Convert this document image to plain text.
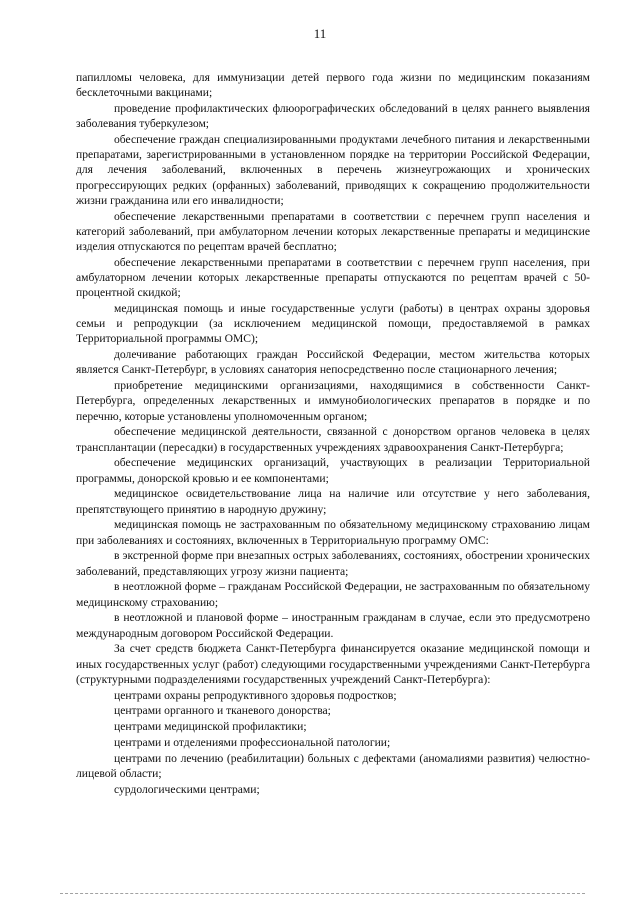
11

папилломы человека, для иммунизации детей первого года жизни по медицинским показаниям бесклеточными вакцинами;

проведение профилактических флюорографических обследований в целях раннего выявления заболевания туберкулезом;

обеспечение граждан специализированными продуктами лечебного питания и лекарственными препаратами, зарегистрированными в установленном порядке на территории Российской Федерации, для лечения заболеваний, включенных в перечень жизнеугрожающих и хронических прогрессирующих редких (орфанных) заболеваний, приводящих к сокращению продолжительности жизни гражданина или его инвалидности;

обеспечение лекарственными препаратами в соответствии с перечнем групп населения и категорий заболеваний, при амбулаторном лечении которых лекарственные препараты и медицинские изделия отпускаются по рецептам врачей бесплатно;

обеспечение лекарственными препаратами в соответствии с перечнем групп населения, при амбулаторном лечении которых лекарственные препараты отпускаются по рецептам врачей с 50-процентной скидкой;

медицинская помощь и иные государственные услуги (работы) в центрах охраны здоровья семьи и репродукции (за исключением медицинской помощи, предоставляемой в рамках Территориальной программы ОМС);

долечивание работающих граждан Российской Федерации, местом жительства которых является Санкт-Петербург, в условиях санатория непосредственно после стационарного лечения;

приобретение медицинскими организациями, находящимися в собственности Санкт-Петербурга, определенных лекарственных и иммунобиологических препаратов в порядке и по перечню, которые установлены уполномоченным органом;

обеспечение медицинской деятельности, связанной с донорством органов человека в целях трансплантации (пересадки) в государственных учреждениях здравоохранения Санкт-Петербурга;

обеспечение медицинских организаций, участвующих в реализации Территориальной программы, донорской кровью и ее компонентами;

медицинское освидетельствование лица на наличие или отсутствие у него заболевания, препятствующего принятию в народную дружину;

медицинская помощь не застрахованным по обязательному медицинскому страхованию лицам при заболеваниях и состояниях, включенных в Территориальную программу ОМС:

в экстренной форме при внезапных острых заболеваниях, состояниях, обострении хронических заболеваний, представляющих угрозу жизни пациента;

в неотложной форме – гражданам Российской Федерации, не застрахованным по обязательному медицинскому страхованию;

в неотложной и плановой форме – иностранным гражданам в случае, если это предусмотрено международным договором Российской Федерации.

За счет средств бюджета Санкт-Петербурга финансируется оказание медицинской помощи и иных государственных услуг (работ) следующими государственными учреждениями Санкт-Петербурга (структурными подразделениями государственных учреждений Санкт-Петербурга):

центрами охраны репродуктивного здоровья подростков;

центрами органного и тканевого донорства;

центрами медицинской профилактики;

центрами и отделениями профессиональной патологии;

центрами по лечению (реабилитации) больных с дефектами (аномалиями развития) челюстно-лицевой области;

сурдологическими центрами;
